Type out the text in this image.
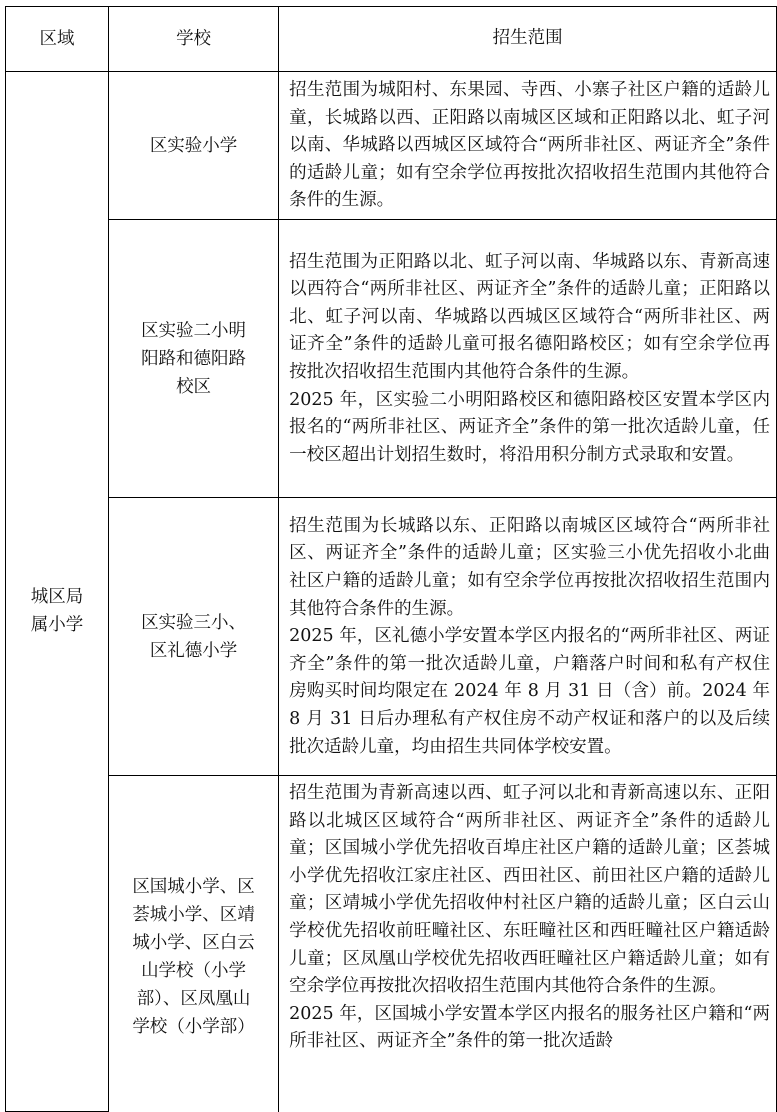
区域	学校	招生范围

城区局属小学	区实验小学	招生范围为城阳村、东果园、寺西、小寨子社区户籍的适龄儿童，长城路以西、正阳路以南城区区域和正阳路以北、虹子河以南、华城路以西城区区域符合“两所非社区、两证齐全”条件的适龄儿童；如有空余学位再按批次招收招生范围内其他符合条件的生源。

	区实验二小明阳路和德阳路校区	招生范围为正阳路以北、虹子河以南、华城路以东、青新高速以西符合“两所非社区、两证齐全”条件的适龄儿童；正阳路以北、虹子河以南、华城路以西城区区域符合“两所非社区、两证齐全”条件的适龄儿童可报名德阳路校区；如有空余学位再按批次招收招生范围内其他符合条件的生源。

2025 年，区实验二小明阳路校区和德阳路校区安置本学区内报名的“两所非社区、两证齐全”条件的第一批次适龄儿童，任一校区超出计划招生数时，将沿用积分制方式录取和安置。

	区实验三小、区礼德小学	招生范围为长城路以东、正阳路以南城区区域符合“两所非社区、两证齐全”条件的适龄儿童；区实验三小优先招收小北曲社区户籍的适龄儿童；如有空余学位再按批次招收招生范围内其他符合条件的生源。

2025 年，区礼德小学安置本学区内报名的“两所非社区、两证齐全”条件的第一批次适龄儿童，户籍落户时间和私有产权住房购买时间均限定在 2024 年 8 月 31 日（含）前。2024 年 8 月 31 日后办理私有产权住房不动产权证和落户的以及后续批次适龄儿童，均由招生共同体学校安置。

	区国城小学、区荟城小学、区靖城小学、区白云山学校（小学部）、区凤凰山学校（小学部）	招生范围为青新高速以西、虹子河以北和青新高速以东、正阳路以北城区区域符合“两所非社区、两证齐全”条件的适龄儿童；区国城小学优先招收百埠庄社区户籍的适龄儿童；区荟城小学优先招收江家庄社区、西田社区、前田社区户籍的适龄儿童；区靖城小学优先招收仲村社区户籍的适龄儿童；区白云山学校优先招收前旺疃社区、东旺疃社区和西旺疃社区户籍适龄儿童；区凤凰山学校优先招收西旺疃社区户籍适龄儿童；如有空余学位再按批次招收招生范围内其他符合条件的生源。

2025 年，区国城小学安置本学区内报名的服务社区户籍和“两所非社区、两证齐全”条件的第一批次适龄
